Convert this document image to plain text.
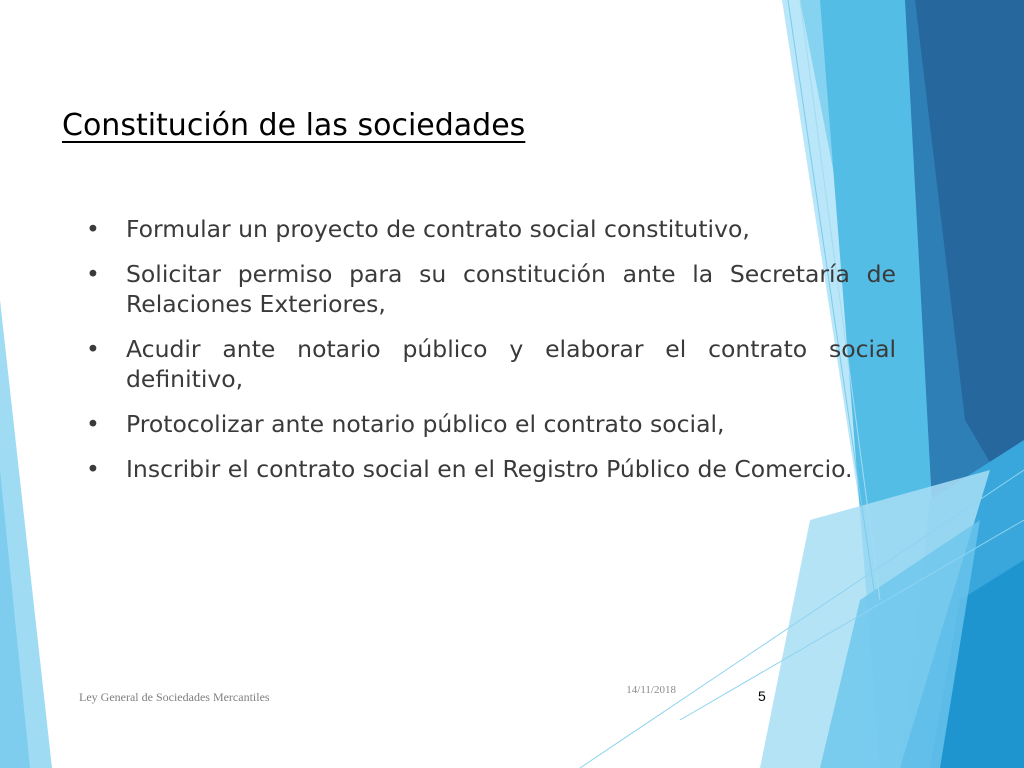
Constitución de las sociedades
•	Formular un proyecto de contrato social constitutivo,
•	Solicitar permiso para su constitución ante la Secretaría de Relaciones Exteriores,
•	Acudir ante notario público y elaborar el contrato social definitivo,
•	Protocolizar ante notario público el contrato social,
•	Inscribir el contrato social en el Registro Público de Comercio.
Ley General de Sociedades Mercantiles	14/11/2018	5
